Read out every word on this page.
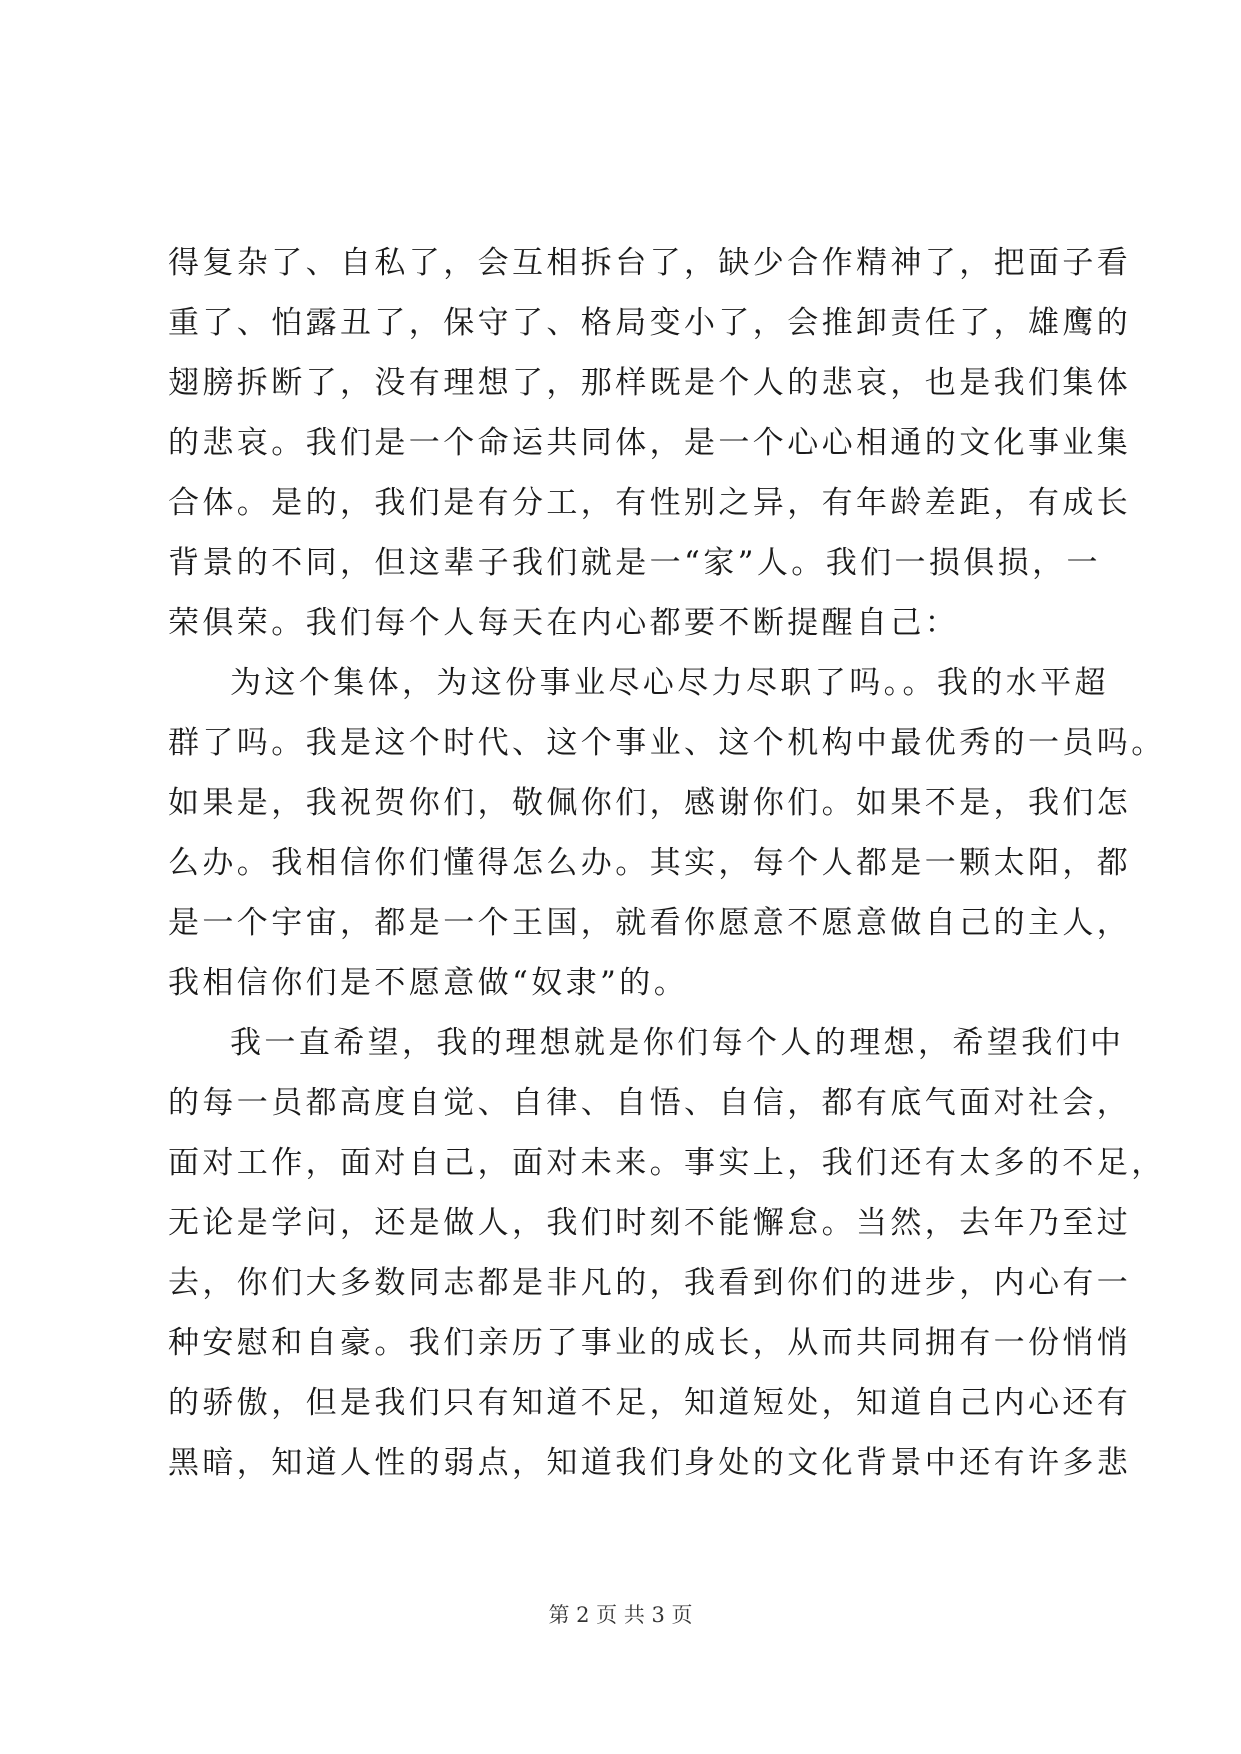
得复杂了、自私了，会互相拆台了，缺少合作精神了，把面子看
重了、怕露丑了，保守了、格局变小了，会推卸责任了，雄鹰的
翅膀拆断了，没有理想了，那样既是个人的悲哀，也是我们集体
的悲哀。我们是一个命运共同体，是一个心心相通的文化事业集
合体。是的，我们是有分工，有性别之异，有年龄差距，有成长
背景的不同，但这辈子我们就是一“家”人。我们一损俱损，一
荣俱荣。我们每个人每天在内心都要不断提醒自己：
为这个集体，为这份事业尽心尽力尽职了吗。。我的水平超
群了吗。我是这个时代、这个事业、这个机构中最优秀的一员吗。
如果是，我祝贺你们，敬佩你们，感谢你们。如果不是，我们怎
么办。我相信你们懂得怎么办。其实，每个人都是一颗太阳，都
是一个宇宙，都是一个王国，就看你愿意不愿意做自己的主人，
我相信你们是不愿意做“奴隶”的。
我一直希望，我的理想就是你们每个人的理想，希望我们中
的每一员都高度自觉、自律、自悟、自信，都有底气面对社会，
面对工作，面对自己，面对未来。事实上，我们还有太多的不足，
无论是学问，还是做人，我们时刻不能懈怠。当然，去年乃至过
去，你们大多数同志都是非凡的，我看到你们的进步，内心有一
种安慰和自豪。我们亲历了事业的成长，从而共同拥有一份悄悄
的骄傲，但是我们只有知道不足，知道短处，知道自己内心还有
黑暗，知道人性的弱点，知道我们身处的文化背景中还有许多悲
第 2 页 共 3 页
